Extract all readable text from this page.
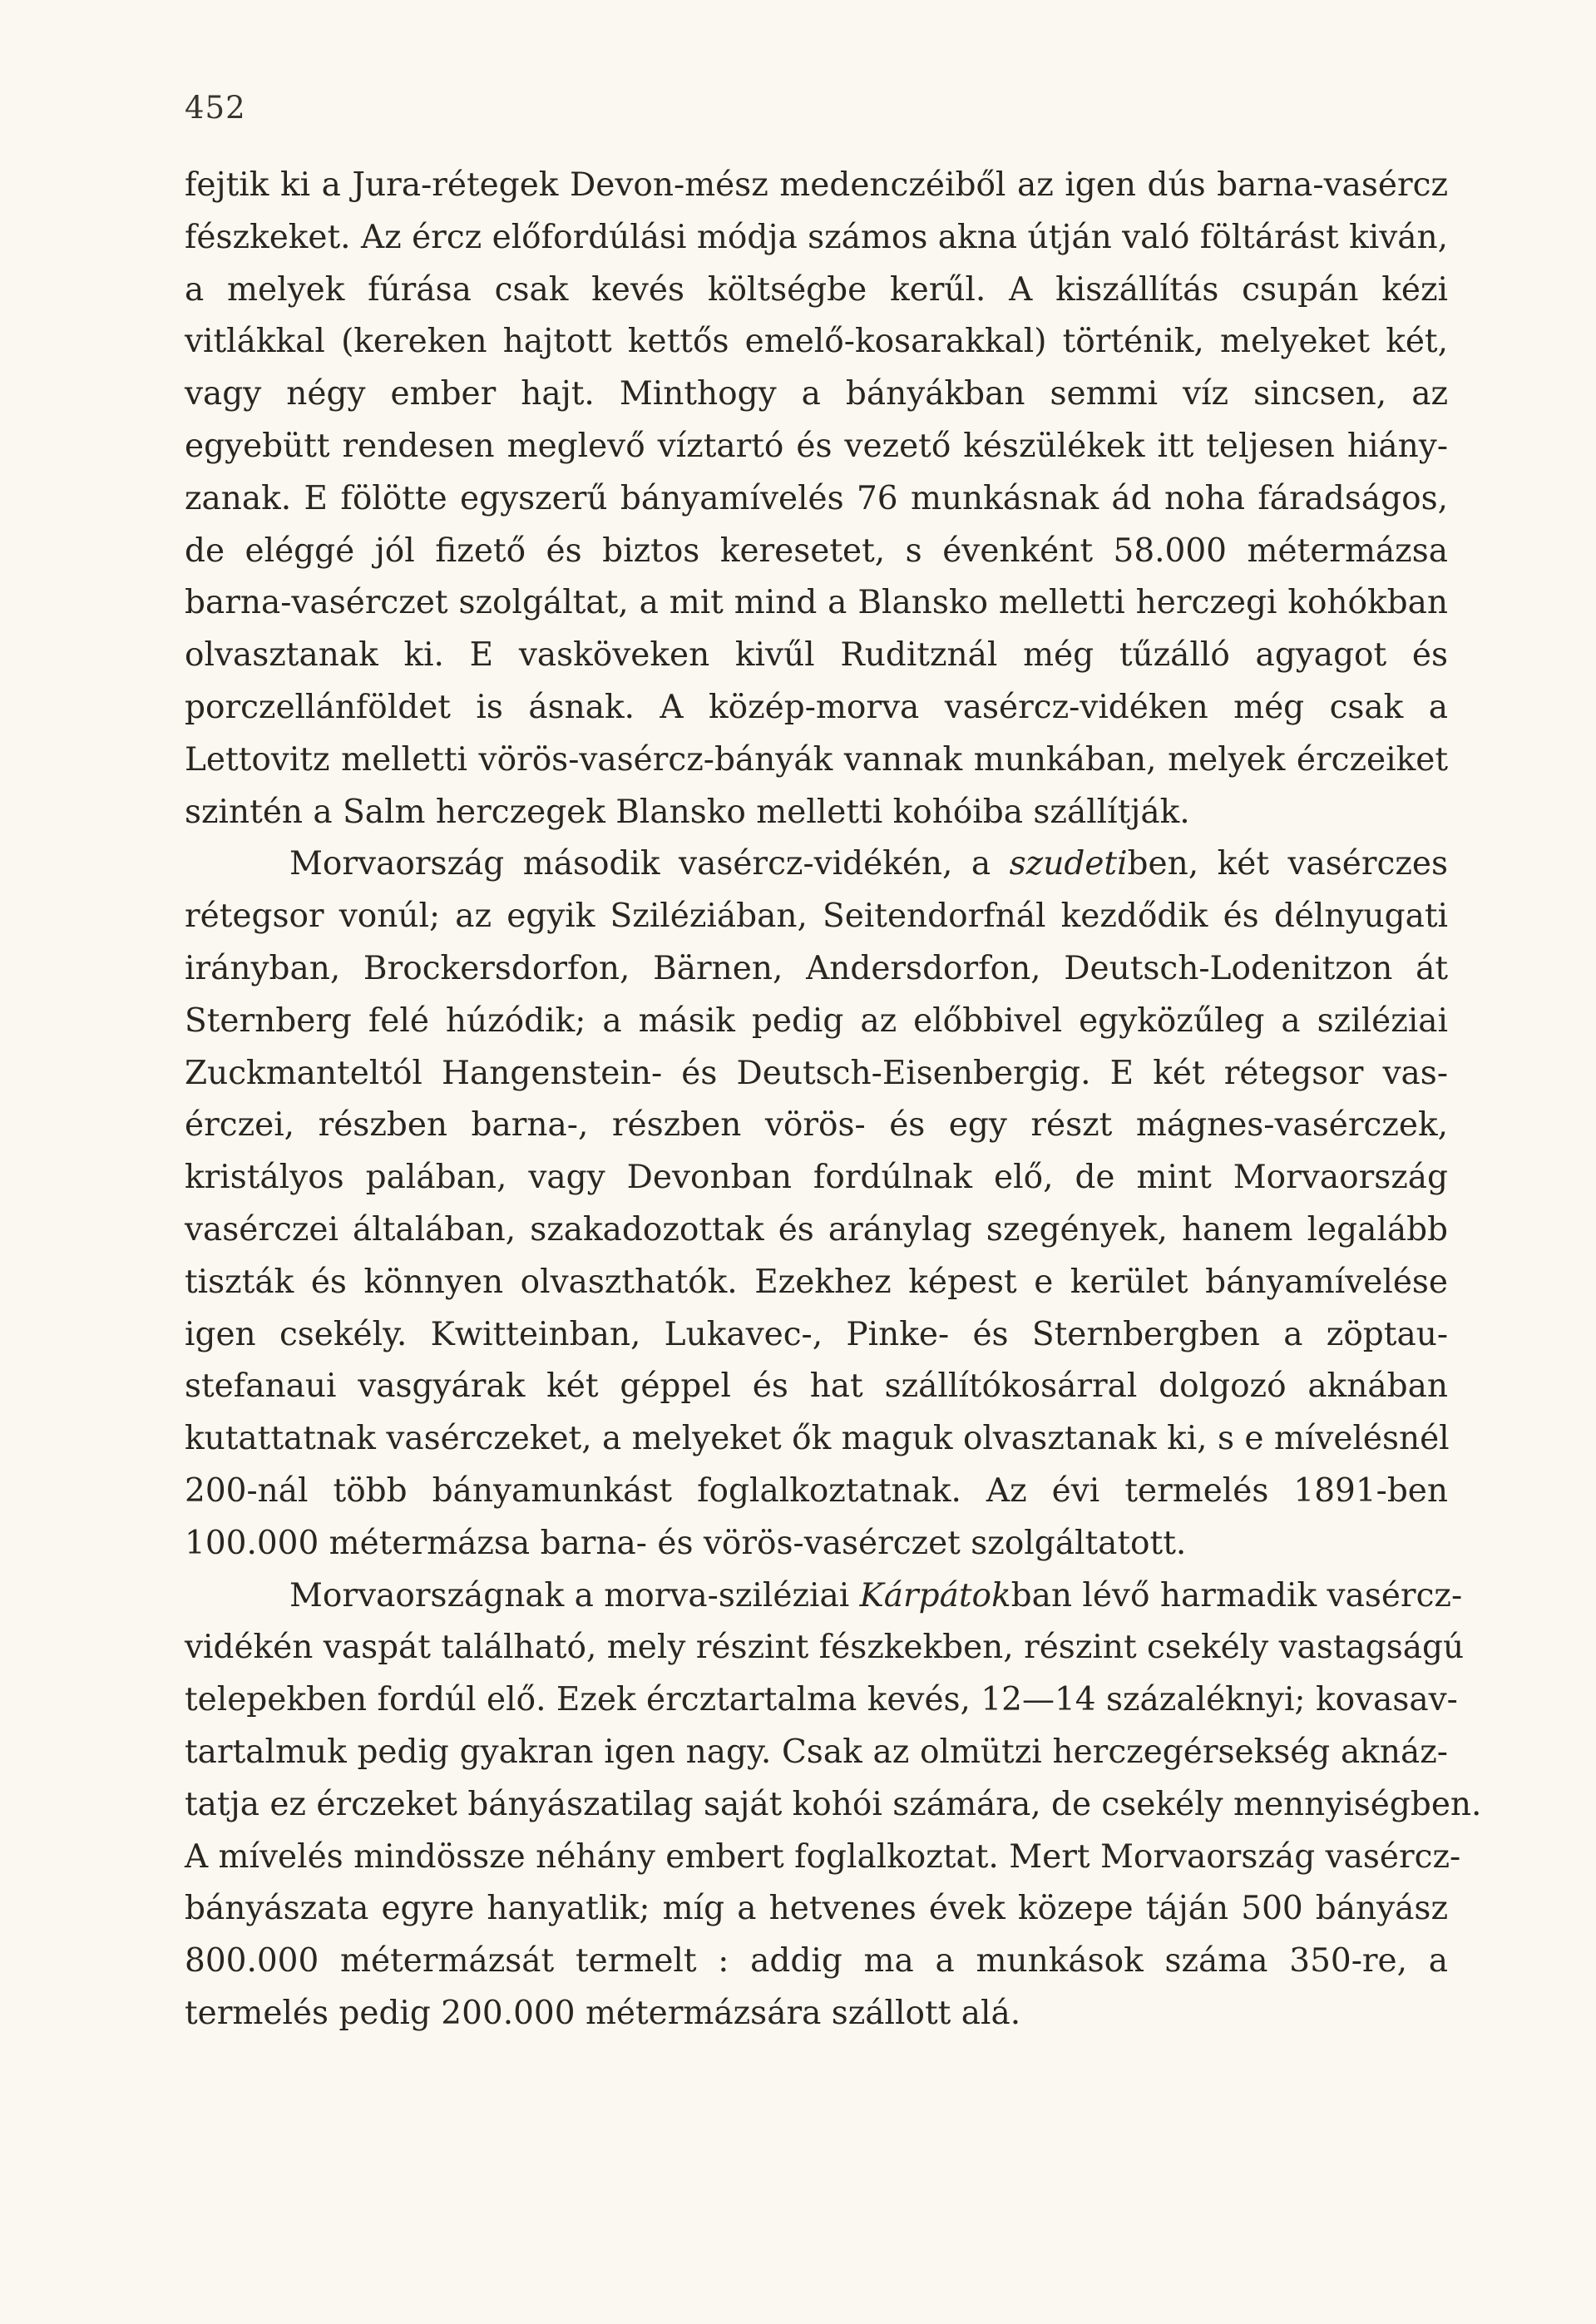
452

fejtik ki a Jura-rétegek Devon-mész medenczéiből az igen dús barna-vasércz
fészkeket. Az ércz előfordúlási módja számos akna útján való föltárást kiván,
a melyek fúrása csak kevés költségbe kerűl. A kiszállítás csupán kézi
vitlákkal (kereken hajtott kettős emelő-kosarakkal) történik, melyeket két,
vagy négy ember hajt. Minthogy a bányákban semmi víz sincsen, az
egyebütt rendesen meglevő víztartó és vezető készülékek itt teljesen hiány-
zanak. E fölötte egyszerű bányamívelés 76 munkásnak ád noha fáradságos,
de eléggé jól fizető és biztos keresetet, s évenként 58.000 métermázsa
barna-vasérczet szolgáltat, a mit mind a Blansko melletti herczegi kohókban
olvasztanak ki. E vasköveken kivűl Ruditznál még tűzálló agyagot és
porczellánföldet is ásnak. A közép-morva vasércz-vidéken még csak a
Lettovitz melletti vörös-vasércz-bányák vannak munkában, melyek érczeiket
szintén a Salm herczegek Blansko melletti kohóiba szállítják.

Morvaország második vasércz-vidékén, a szudetiben, két vasérczes
rétegsor vonúl; az egyik Sziléziában, Seitendorfnál kezdődik és délnyugati
irányban, Brockersdorfon, Bärnen, Andersdorfon, Deutsch-Lodenitzon át
Sternberg felé húzódik; a másik pedig az előbbivel egyközűleg a sziléziai
Zuckmanteltól Hangenstein- és Deutsch-Eisenbergig. E két rétegsor vas-
érczei, részben barna-, részben vörös- és egy részt mágnes-vasérczek,
kristályos palában, vagy Devonban fordúlnak elő, de mint Morvaország
vasérczei általában, szakadozottak és aránylag szegények, hanem legalább
tiszták és könnyen olvaszthatók. Ezekhez képest e kerület bányamívelése
igen csekély. Kwitteinban, Lukavec-, Pinke- és Sternbergben a zöptau-
stefanaui vasgyárak két géppel és hat szállítókosárral dolgozó aknában
kutattatnak vasérczeket, a melyeket ők maguk olvasztanak ki, s e mívelésnél
200-nál több bányamunkást foglalkoztatnak. Az évi termelés 1891-ben
100.000 métermázsa barna- és vörös-vasérczet szolgáltatott.

Morvaországnak a morva-sziléziai Kárpátokban lévő harmadik vasércz-
vidékén vaspát található, mely részint fészkekben, részint csekély vastagságú
telepekben fordúl elő. Ezek érczt​artalma kevés, 12—14 százaléknyi; kovasav-
tartalmuk pedig gyakran igen nagy. Csak az olmützi herczegérsekség aknáz-
tatja ez érczeket bányászatilag saját kohói számára, de csekély mennyiségben.
A mívelés mindössze néhány embert foglalkoztat. Mert Morvaország vasércz-
bányászata egyre hanyatlik; míg a hetvenes évek közepe táján 500 bányász
800.000 métermázsát termelt : addig ma a munkások száma 350-re, a
termelés pedig 200.000 métermázsára szállott alá.
